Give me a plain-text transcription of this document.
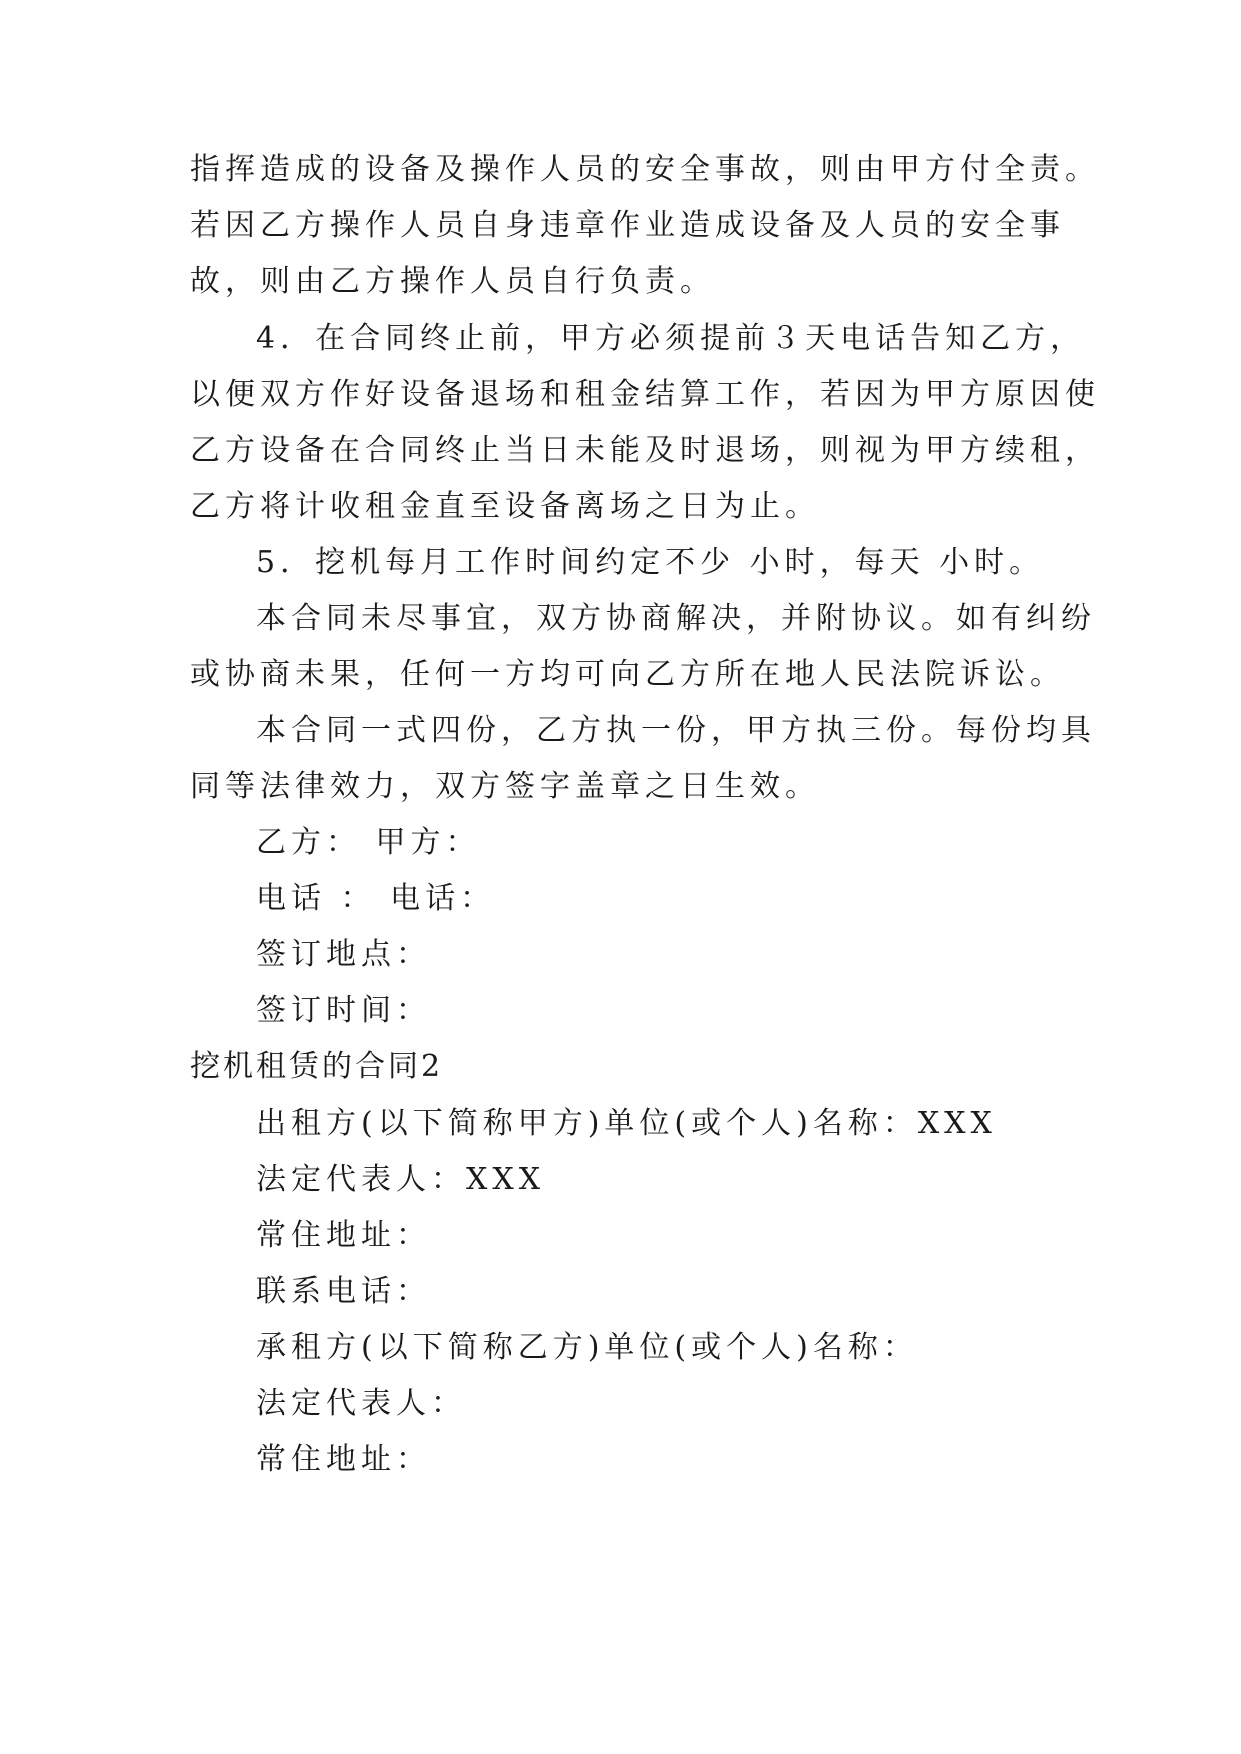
指挥造成的设备及操作人员的安全事故，则由甲方付全责。
若因乙方操作人员自身违章作业造成设备及人员的安全事
故，则由乙方操作人员自行负责。
4．在合同终止前，甲方必须提前３天电话告知乙方，
以便双方作好设备退场和租金结算工作，若因为甲方原因使
乙方设备在合同终止当日未能及时退场，则视为甲方续租，
乙方将计收租金直至设备离场之日为止。
5．挖机每月工作时间约定不少 小时，每天 小时。
本合同未尽事宜，双方协商解决，并附协议。如有纠纷
或协商未果，任何一方均可向乙方所在地人民法院诉讼。
本合同一式四份，乙方执一份，甲方执三份。每份均具
同等法律效力，双方签字盖章之日生效。
乙方： 甲方：
电话 ： 电话：
签订地点：
签订时间：
挖机租赁的合同2
出租方(以下简称甲方)单位(或个人)名称：XXX
法定代表人：XXX
常住地址：
联系电话：
承租方(以下简称乙方)单位(或个人)名称：
法定代表人：
常住地址：
